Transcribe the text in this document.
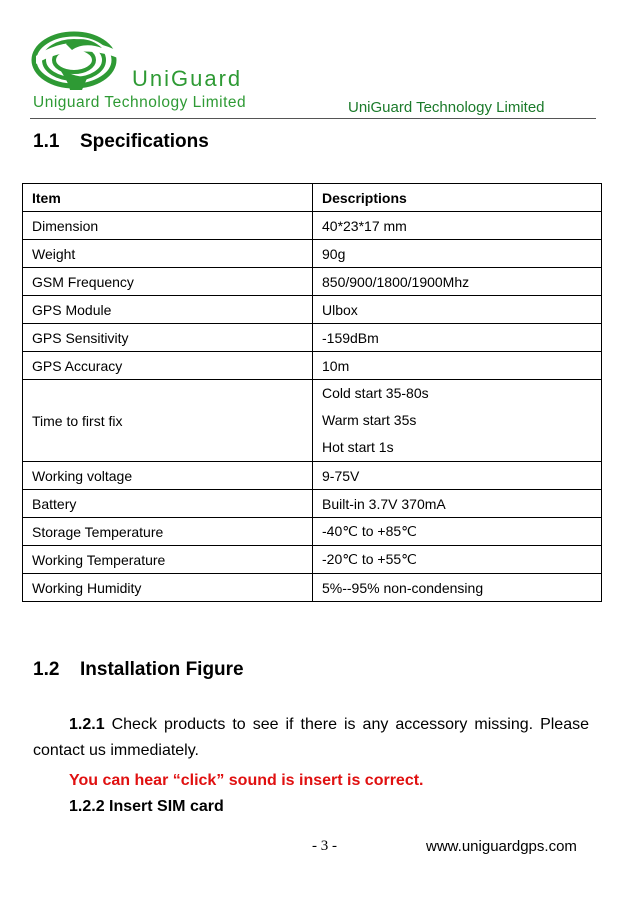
UniGuard
Uniguard Technology Limited	UniGuard Technology Limited
1.1 Specifications
Item	Descriptions
Dimension	40*23*17 mm
Weight	90g
GSM Frequency	850/900/1800/1900Mhz
GPS Module	Ulbox
GPS Sensitivity	-159dBm
GPS Accuracy	10m
Time to first fix	Cold start 35-80s
Warm start 35s
Hot start 1s

Working voltage	9-75V
Battery	Built-in 3.7V 370mA
Storage Temperature	-40℃ to +85℃
Working Temperature	-20℃ to +55℃
Working Humidity	5%--95% non-condensing
1.2 Installation Figure
1.2.1 Check products to see if there is any accessory missing. Please contact us immediately.
You can hear “click” sound is insert is correct.
1.2.2 Insert SIM card
- 3 -	www.uniguardgps.com
